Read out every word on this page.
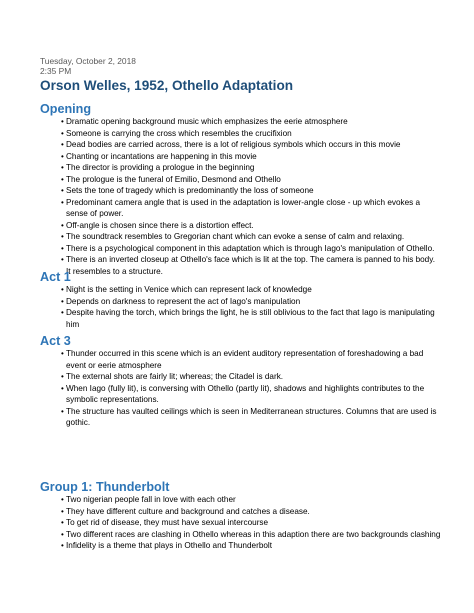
Tuesday, October 2, 2018
2:35 PM
Orson Welles, 1952, Othello Adaptation
Opening
• Dramatic opening background music which emphasizes the eerie atmosphere
• Someone is carrying the cross which resembles the crucifixion
• Dead bodies are carried across, there is a lot of religious symbols which occurs in this movie
• Chanting or incantations are happening in this movie
• The director is providing a prologue in the beginning
• The prologue is the funeral of Emilio, Desmond and Othello
• Sets the tone of tragedy which is predominantly the loss of someone
• Predominant camera angle that is used in the adaptation is lower-angle close - up which evokes a sense of power.
• Off-angle is chosen since there is a distortion effect.
• The soundtrack resembles to Gregorian chant which can evoke a sense of calm and relaxing.
• There is a psychological component in this adaptation which is through Iago's manipulation of Othello.
• There is an inverted closeup at Othello's face which is lit at the top. The camera is panned to his body. It resembles to a structure.
Act 1
• Night is the setting in Venice which can represent lack of knowledge
• Depends on darkness to represent the act of Iago's manipulation
• Despite having the torch, which brings the light, he is still oblivious to the fact that Iago is manipulating him
Act 3
• Thunder occurred in this scene which is an evident auditory representation of foreshadowing a bad event or eerie atmosphere
• The external shots are fairly lit; whereas; the Citadel is dark.
• When Iago (fully lit), is conversing with Othello (partly lit), shadows and highlights contributes to the symbolic representations.
• The structure has vaulted ceilings which is seen in Mediterranean structures. Columns that are used is gothic.
Group 1: Thunderbolt
• Two nigerian people fall in love with each other
• They have different culture and background and catches a disease.
• To get rid of disease, they must have sexual intercourse
• Two different races are clashing in Othello whereas in this adaption there are two backgrounds clashing
• Infidelity is a theme that plays in Othello and Thunderbolt
